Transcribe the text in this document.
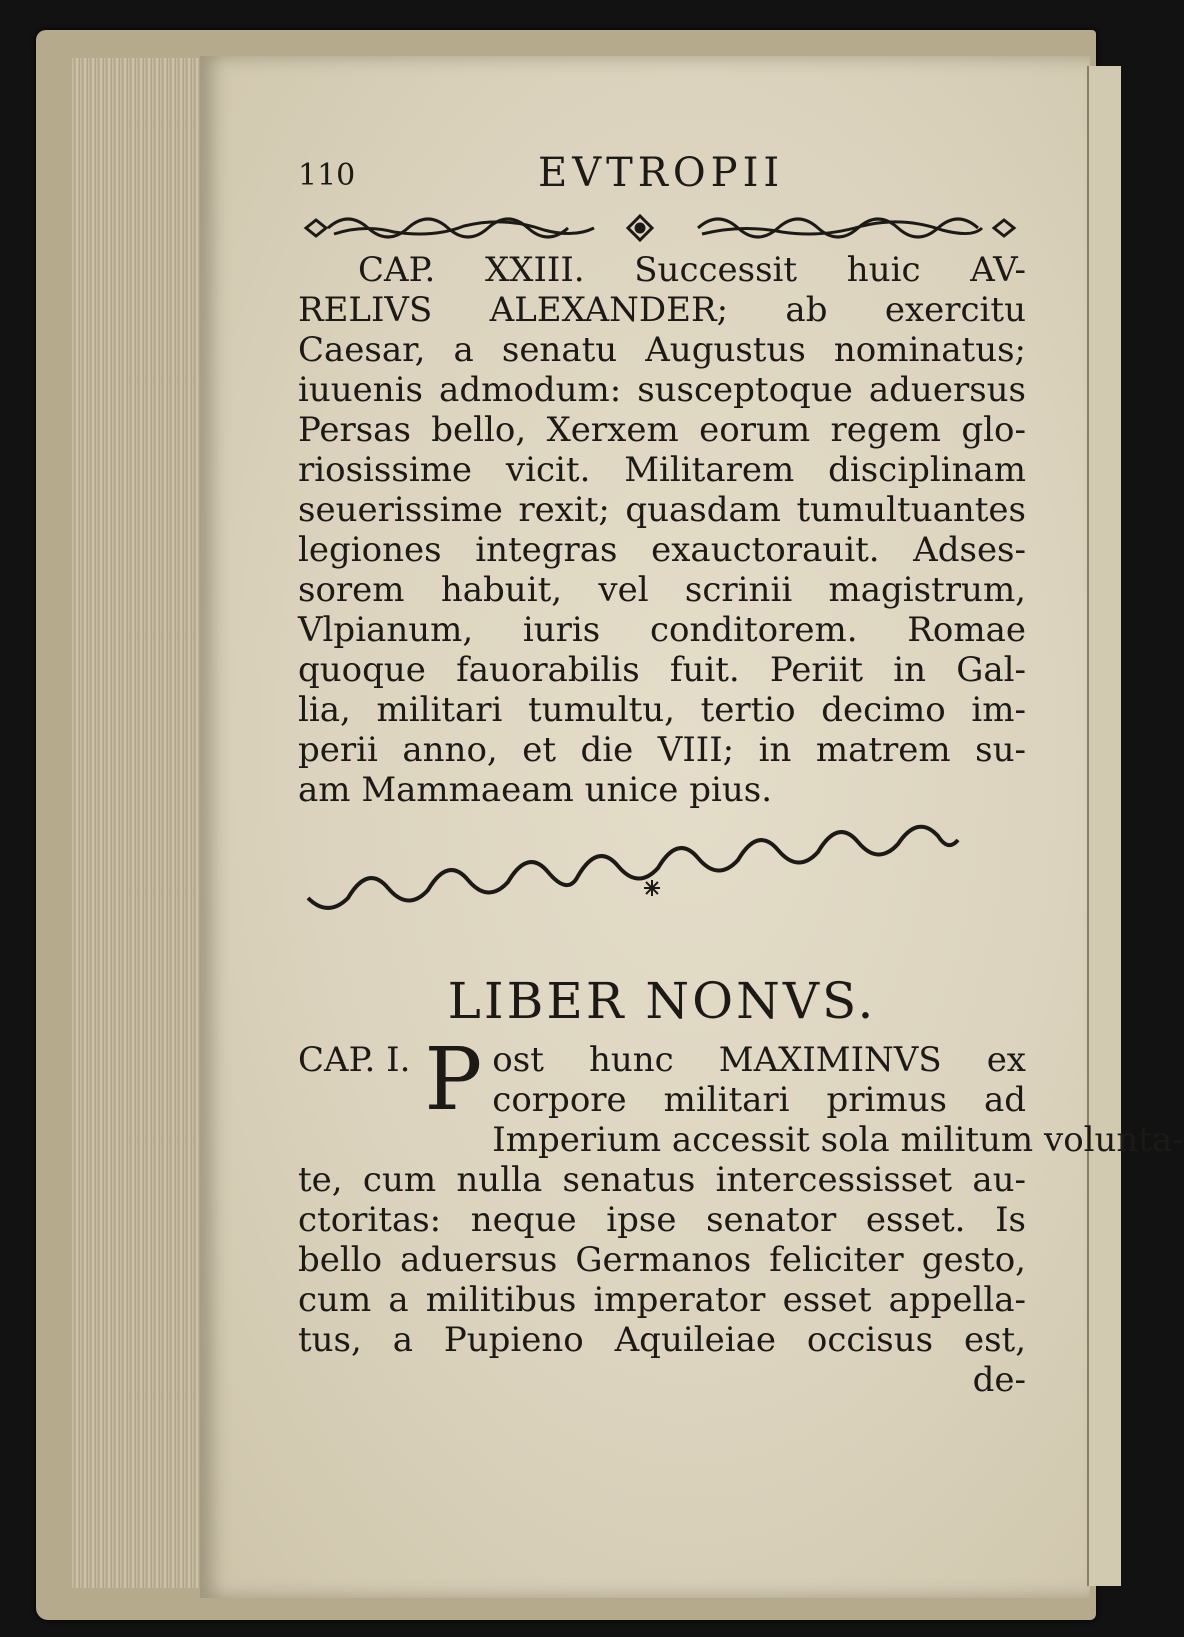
110	EVTROPII
CAP. XXIII. Successit huic AV-
RELIVS ALEXANDER; ab exercitu
Caesar, a senatu Augustus nominatus;
iuuenis admodum: susceptoque aduersus
Persas bello, Xerxem eorum regem glo-
riosissime vicit. Militarem disciplinam
seuerissime rexit; quasdam tumultuantes
legiones integras exauctorauit. Adses-
sorem habuit, vel scrinii magistrum,
Vlpianum, iuris conditorem. Romae
quoque fauorabilis fuit. Periit in Gal-
lia, militari tumultu, tertio decimo im-
perii anno, et die VIII; in matrem su-
am Mammaeam unice pius.
LIBER NONVS.
CAP. I. P ost hunc MAXIMINVS ex
corpore militari primus ad
Imperium accessit sola militum volunta-
te, cum nulla senatus intercessisset au-
ctoritas: neque ipse senator esset. Is
bello aduersus Germanos feliciter gesto,
cum a militibus imperator esset appella-
tus, a Pupieno Aquileiae occisus est,
de-
